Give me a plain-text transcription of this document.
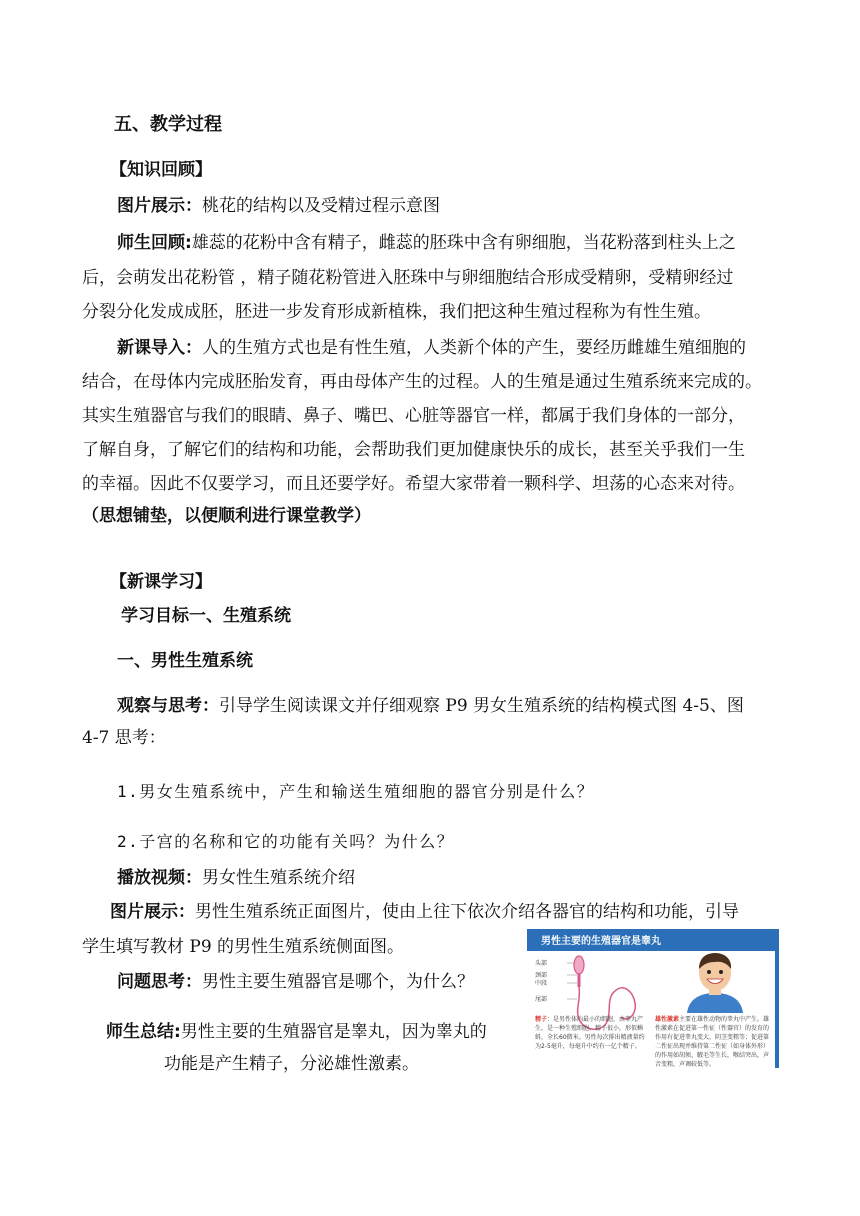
五、教学过程
【知识回顾】
图片展示：桃花的结构以及受精过程示意图
师生回顾:雄蕊的花粉中含有精子，雌蕊的胚珠中含有卵细胞，当花粉落到柱头上之
后，会萌发出花粉管 ，精子随花粉管进入胚珠中与卵细胞结合形成受精卵，受精卵经过
分裂分化发成成胚，胚进一步发育形成新植株，我们把这种生殖过程称为有性生殖。
新课导入：人的生殖方式也是有性生殖，人类新个体的产生，要经历雌雄生殖细胞的
结合，在母体内完成胚胎发育，再由母体产生的过程。人的生殖是通过生殖系统来完成的。
其实生殖器官与我们的眼睛、鼻子、嘴巴、心脏等器官一样，都属于我们身体的一部分，
了解自身，了解它们的结构和功能，会帮助我们更加健康快乐的成长，甚至关乎我们一生
的幸福。因此不仅要学习，而且还要学好。希望大家带着一颗科学、坦荡的心态来对待。
（思想铺垫，以便顺利进行课堂教学）
【新课学习】
学习目标一、生殖系统
一、男性生殖系统
观察与思考：引导学生阅读课文并仔细观察 P9 男女生殖系统的结构模式图 4-5、图
4-7 思考：
1.男女生殖系统中，产生和输送生殖细胞的器官分别是什么？
2.子宫的名称和它的功能有关吗？为什么？
播放视频：男女性生殖系统介绍
图片展示：男性生殖系统正面图片，使由上往下依次介绍各器官的结构和功能，引导
学生填写教材 P9 的男性生殖系统侧面图。
问题思考：男性主要生殖器官是哪个，为什么？
师生总结:男性主要的生殖器官是睾丸，因为睾丸的
功能是产生精子，分泌雄性激素。
男性主要的生殖器官是睾丸
头部
颈部
中段
尾部
精子：是男性体内最小的细胞，由睾丸产生，是一种生殖细胞。精子很小，形似蝌蚪，全长60微米。男性每次排出精液量约为2-5毫升，每毫升中约有一亿个精子。
雄性激素主要在雄性动物的睾丸中产生。雄性激素在促进第一性征（性器官）的发育的作用有促进睾丸变大，阴茎变粗等；促进第二性征出现并维持第二性征（如身体外形）的作用如胡须、腋毛等生长，喉结突出，声音变粗，声调较低等。
